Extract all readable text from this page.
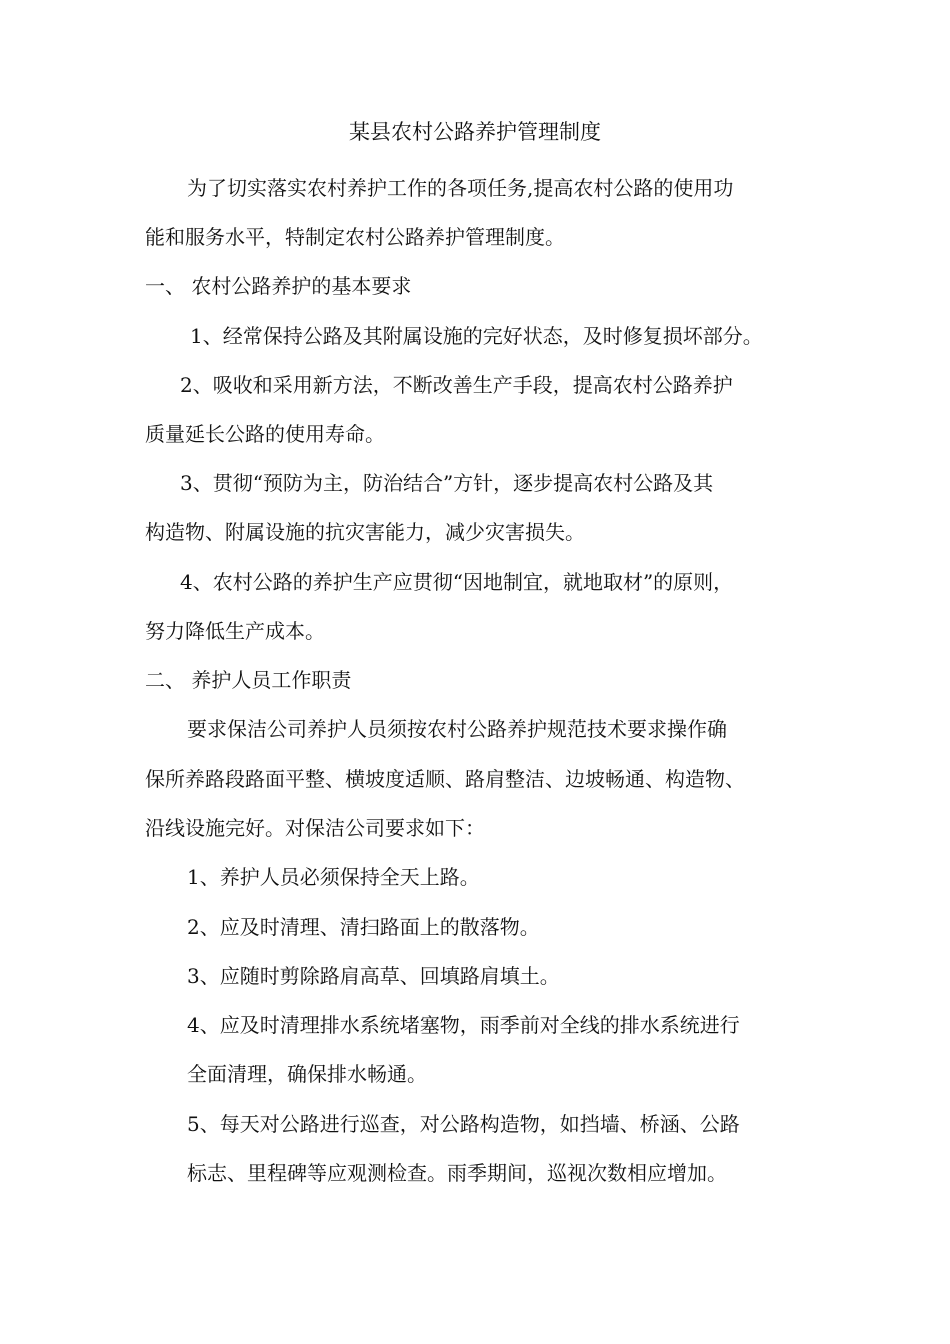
某县农村公路养护管理制度
为了切实落实农村养护工作的各项任务,提高农村公路的使用功
能和服务水平，特制定农村公路养护管理制度。
一、 农村公路养护的基本要求
1、经常保持公路及其附属设施的完好状态，及时修复损坏部分。
2、吸收和采用新方法，不断改善生产手段，提高农村公路养护
质量延长公路的使用寿命。
3、贯彻“预防为主，防治结合”方针，逐步提高农村公路及其
构造物、附属设施的抗灾害能力，减少灾害损失。
4、农村公路的养护生产应贯彻“因地制宜，就地取材”的原则，
努力降低生产成本。
二、 养护人员工作职责
要求保洁公司养护人员须按农村公路养护规范技术要求操作确
保所养路段路面平整、横坡度适顺、路肩整洁、边坡畅通、构造物、
沿线设施完好。对保洁公司要求如下：
1、养护人员必须保持全天上路。
2、应及时清理、清扫路面上的散落物。
3、应随时剪除路肩高草、回填路肩填土。
4、应及时清理排水系统堵塞物，雨季前对全线的排水系统进行
全面清理，确保排水畅通。
5、每天对公路进行巡查，对公路构造物，如挡墙、桥涵、公路
标志、里程碑等应观测检查。雨季期间，巡视次数相应增加。
